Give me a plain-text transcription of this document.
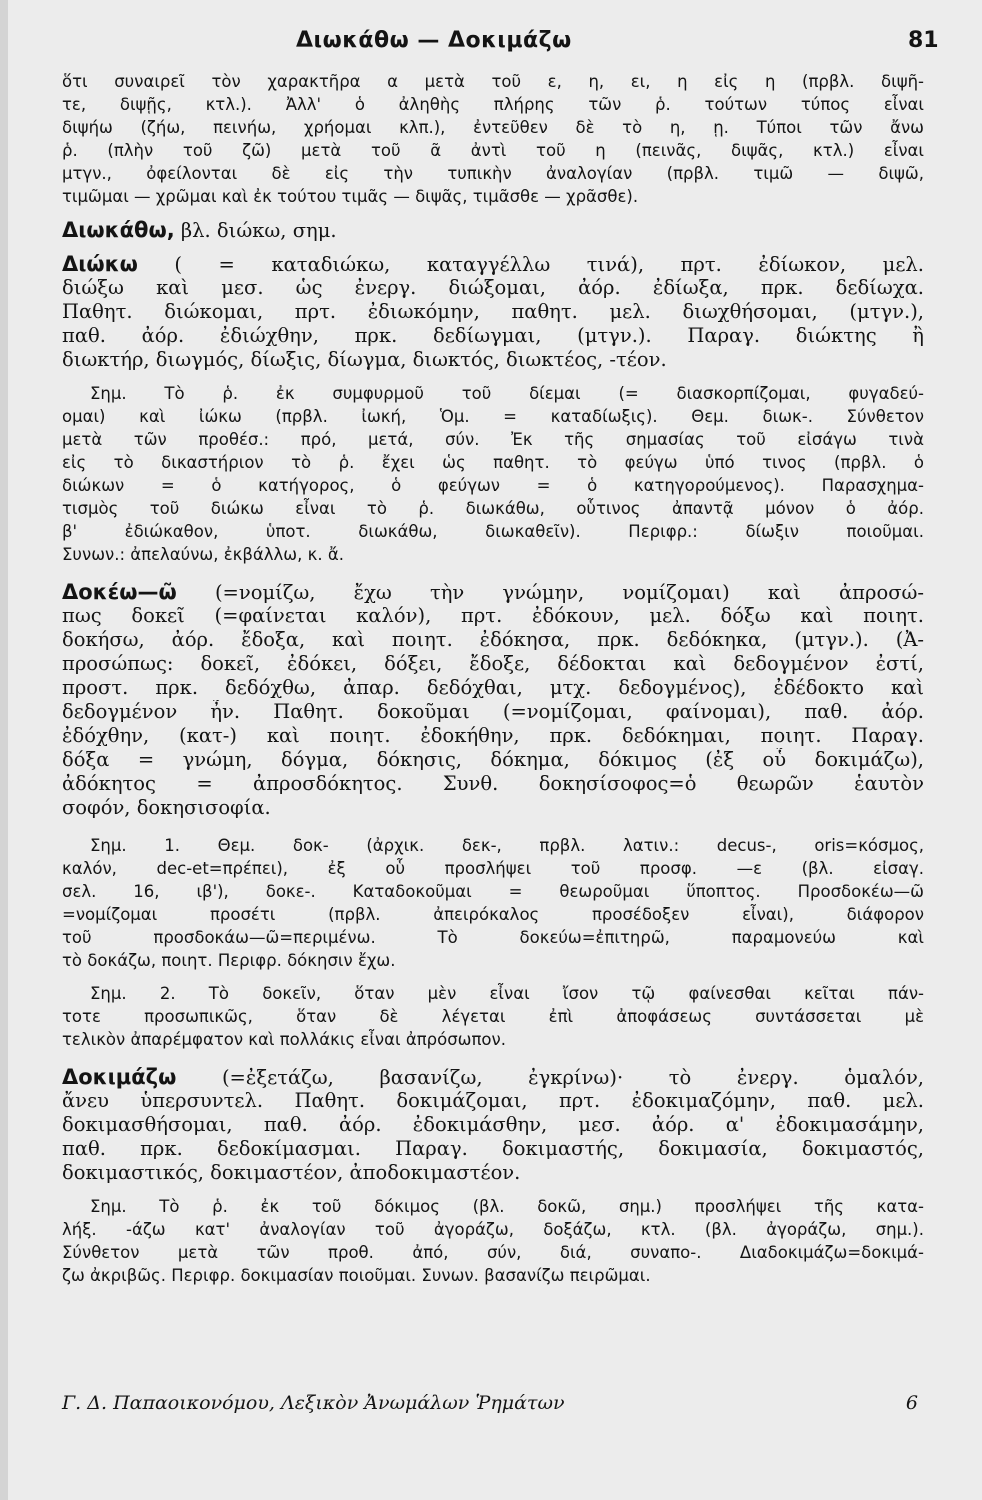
Διωκάθω — Δοκιμάζω	81
ὅτι συναιρεῖ τὸν χαρακτῆρα α μετὰ τοῦ ε, η, ει, η εἰς η (πρβλ. διψῆ-
τε, διψῇς, κτλ.). Ἀλλ' ὁ ἀληθὴς πλήρης τῶν ῥ. τούτων τύπος εἶναι
διψήω (ζήω, πεινήω, χρήομαι κλπ.), ἐντεῦθεν δὲ τὸ η, ῃ. Τύποι τῶν ἄνω
ῥ. (πλὴν τοῦ ζῶ) μετὰ τοῦ ᾶ ἀντὶ τοῦ η (πεινᾶς, διψᾶς, κτλ.) εἶναι
μτγν., ὀφείλονται δὲ εἰς τὴν τυπικὴν ἀναλογίαν (πρβλ. τιμῶ — διψῶ,
τιμῶμαι — χρῶμαι καὶ ἐκ τούτου τιμᾶς — διψᾶς, τιμᾶσθε — χρᾶσθε).
Διωκάθω, βλ. διώκω, σημ.
Διώκω ( = καταδιώκω, καταγγέλλω τινά), πρτ. ἐδίωκον, μελ.
διώξω καὶ μεσ. ὡς ἐνεργ. διώξομαι, ἀόρ. ἐδίωξα, πρκ. δεδίωχα.
Παθητ. διώκομαι, πρτ. ἐδιωκόμην, παθητ. μελ. διωχθήσομαι, (μτγν.),
παθ. ἀόρ. ἐδιώχθην, πρκ. δεδίωγμαι, (μτγν.). Παραγ. διώκτης ἢ
διωκτήρ, διωγμός, δίωξις, δίωγμα, διωκτός, διωκτέος, -τέον.
Σημ. Τὸ ῥ. ἐκ συμφυρμοῦ τοῦ δίεμαι (= διασκορπίζομαι, φυγαδεύ-
ομαι) καὶ ἰώκω (πρβλ. ἰωκή, Ὁμ. = καταδίωξις). Θεμ. διωκ-. Σύνθετον
μετὰ τῶν προθέσ.: πρό, μετά, σύν. Ἐκ τῆς σημασίας τοῦ εἰσάγω τινὰ
εἰς τὸ δικαστήριον τὸ ῥ. ἔχει ὡς παθητ. τὸ φεύγω ὑπό τινος (πρβλ. ὁ
διώκων = ὁ κατήγορος, ὁ φεύγων = ὁ κατηγορούμενος). Παρασχημα-
τισμὸς τοῦ διώκω εἶναι τὸ ῥ. διωκάθω, οὗτινος ἀπαντᾷ μόνον ὁ ἀόρ.
β' ἐδιώκαθον, ὑποτ. διωκάθω, διωκαθεῖν). Περιφρ.: δίωξιν ποιοῦμαι.
Συνων.: ἀπελαύνω, ἐκβάλλω, κ. ἄ.
Δοκέω—ῶ (=νομίζω, ἔχω τὴν γνώμην, νομίζομαι) καὶ ἀπροσώ-
πως δοκεῖ (=φαίνεται καλόν), πρτ. ἐδόκουν, μελ. δόξω καὶ ποιητ.
δοκήσω, ἀόρ. ἔδοξα, καὶ ποιητ. ἐδόκησα, πρκ. δεδόκηκα, (μτγν.). (Ἀ-
προσώπως: δοκεῖ, ἐδόκει, δόξει, ἔδοξε, δέδοκται καὶ δεδογμένον ἐστί,
προστ. πρκ. δεδόχθω, ἀπαρ. δεδόχθαι, μτχ. δεδογμένος), ἐδέδοκτο καὶ
δεδογμένον ἦν. Παθητ. δοκοῦμαι (=νομίζομαι, φαίνομαι), παθ. ἀόρ.
ἐδόχθην, (κατ-) καὶ ποιητ. ἐδοκήθην, πρκ. δεδόκημαι, ποιητ. Παραγ.
δόξα = γνώμη, δόγμα, δόκησις, δόκημα, δόκιμος (ἐξ οὗ δοκιμάζω),
ἀδόκητος = ἀπροσδόκητος. Συνθ. δοκησίσοφος=ὁ θεωρῶν ἑαυτὸν
σοφόν, δοκησισοφία.
Σημ. 1. Θεμ. δοκ- (ἀρχικ. δεκ-, πρβλ. λατιν.: decus-, oris=κόσμος,
καλόν, dec-et=πρέπει), ἐξ οὗ προσλήψει τοῦ προσφ. —ε (βλ. εἰσαγ.
σελ. 16, ιβ'), δοκε-. Καταδοκοῦμαι = θεωροῦμαι ὕποπτος. Προσδοκέω—ῶ
=νομίζομαι προσέτι (πρβλ. ἀπειρόκαλος προσέδοξεν εἶναι), διάφορον
τοῦ προσδοκάω—ῶ=περιμένω. Τὸ δοκεύω=ἐπιτηρῶ, παραμονεύω καὶ
τὸ δοκάζω, ποιητ. Περιφρ. δόκησιν ἔχω.
Σημ. 2. Τὸ δοκεῖν, ὅταν μὲν εἶναι ἴσον τῷ φαίνεσθαι κεῖται πάν-
τοτε προσωπικῶς, ὅταν δὲ λέγεται ἐπὶ ἀποφάσεως συντάσσεται μὲ
τελικὸν ἀπαρέμφατον καὶ πολλάκις εἶναι ἀπρόσωπον.
Δοκιμάζω (=ἐξετάζω, βασανίζω, ἐγκρίνω)· τὸ ἐνεργ. ὁμαλόν,
ἄνευ ὑπερσυντελ. Παθητ. δοκιμάζομαι, πρτ. ἐδοκιμαζόμην, παθ. μελ.
δοκιμασθήσομαι, παθ. ἀόρ. ἐδοκιμάσθην, μεσ. ἀόρ. α' ἐδοκιμασάμην,
παθ. πρκ. δεδοκίμασμαι. Παραγ. δοκιμαστής, δοκιμασία, δοκιμαστός,
δοκιμαστικός, δοκιμαστέον, ἀποδοκιμαστέον.
Σημ. Τὸ ῥ. ἐκ τοῦ δόκιμος (βλ. δοκῶ, σημ.) προσλήψει τῆς κατα-
λήξ. -άζω κατ' ἀναλογίαν τοῦ ἀγοράζω, δοξάζω, κτλ. (βλ. ἀγοράζω, σημ.).
Σύνθετον μετὰ τῶν προθ. ἀπό, σύν, διά, συναπο-. Διαδοκιμάζω=δοκιμά-
ζω ἀκριβῶς. Περιφρ. δοκιμασίαν ποιοῦμαι. Συνων. βασανίζω πειρῶμαι.
Γ. Δ. Παπαοικονόμου, Λεξικὸν Ἀνωμάλων Ῥημάτων	6
